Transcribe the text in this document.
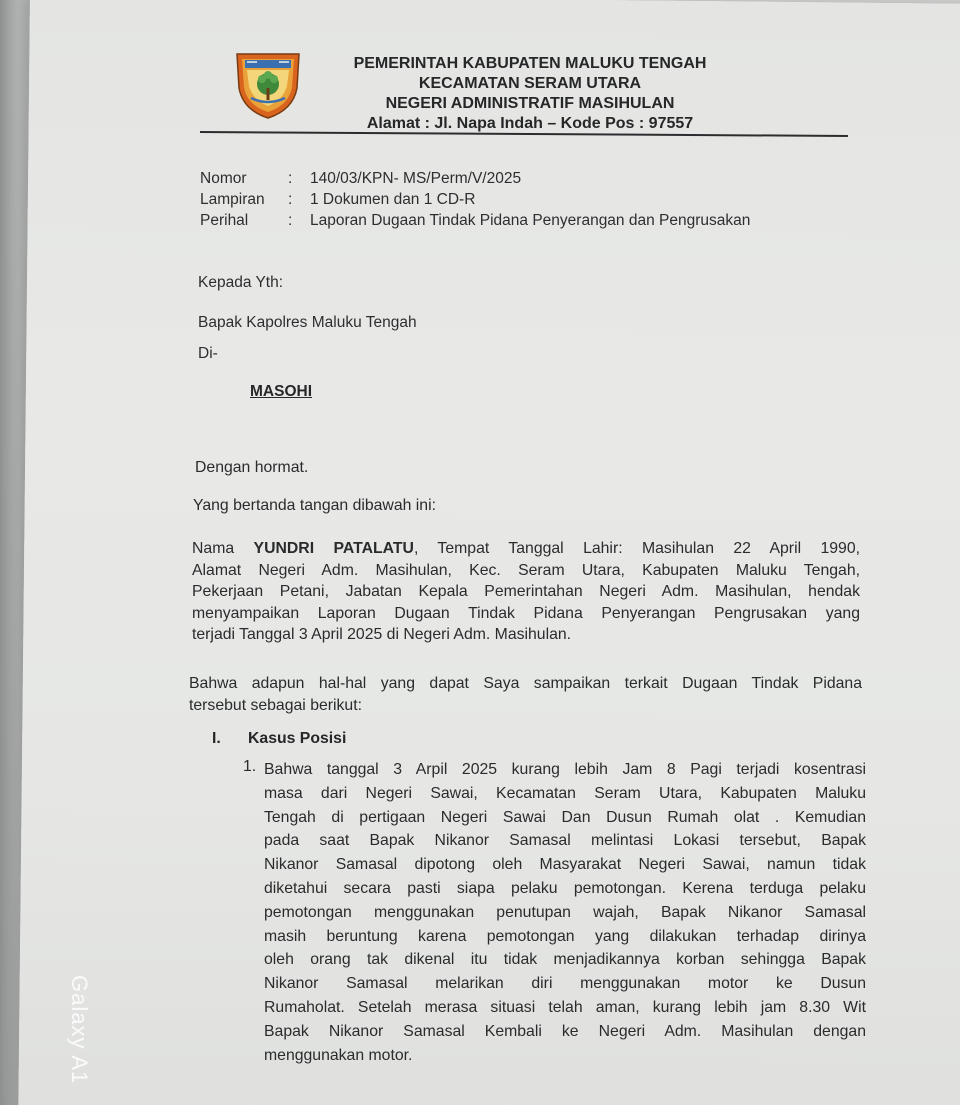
PEMERINTAH KABUPATEN MALUKU TENGAH
KECAMATAN SERAM UTARA
NEGERI ADMINISTRATIF MASIHULAN
Alamat : Jl. Napa Indah – Kode Pos : 97557
Nomor	: 140/03/KPN- MS/Perm/V/2025
Lampiran : 1 Dokumen dan 1 CD-R
Perihal	: Laporan Dugaan Tindak Pidana Penyerangan dan Pengrusakan
Kepada Yth:
Bapak Kapolres Maluku Tengah
Di-
MASOHI
Dengan hormat.
Yang bertanda tangan dibawah ini:
Nama YUNDRI PATALATU, Tempat Tanggal Lahir: Masihulan 22 April 1990,
Alamat Negeri Adm. Masihulan, Kec. Seram Utara, Kabupaten Maluku Tengah,
Pekerjaan Petani, Jabatan Kepala Pemerintahan Negeri Adm. Masihulan, hendak
menyampaikan Laporan Dugaan Tindak Pidana Penyerangan Pengrusakan yang
terjadi Tanggal 3 April 2025 di Negeri Adm. Masihulan.
Bahwa adapun hal-hal yang dapat Saya sampaikan terkait Dugaan Tindak Pidana
tersebut sebagai berikut:
I. Kasus Posisi
1. Bahwa tanggal 3 Arpil 2025 kurang lebih Jam 8 Pagi terjadi kosentrasi
masa dari Negeri Sawai, Kecamatan Seram Utara, Kabupaten Maluku
Tengah di pertigaan Negeri Sawai Dan Dusun Rumah olat . Kemudian
pada saat Bapak Nikanor Samasal melintasi Lokasi tersebut, Bapak
Nikanor Samasal dipotong oleh Masyarakat Negeri Sawai, namun tidak
diketahui secara pasti siapa pelaku pemotongan. Kerena terduga pelaku
pemotongan menggunakan penutupan wajah, Bapak Nikanor Samasal
masih beruntung karena pemotongan yang dilakukan terhadap dirinya
oleh orang tak dikenal itu tidak menjadikannya korban sehingga Bapak
Nikanor Samasal melarikan diri menggunakan motor ke Dusun
Rumaholat. Setelah merasa situasi telah aman, kurang lebih jam 8.30 Wit
Bapak Nikanor Samasal Kembali ke Negeri Adm. Masihulan dengan
menggunakan motor.
